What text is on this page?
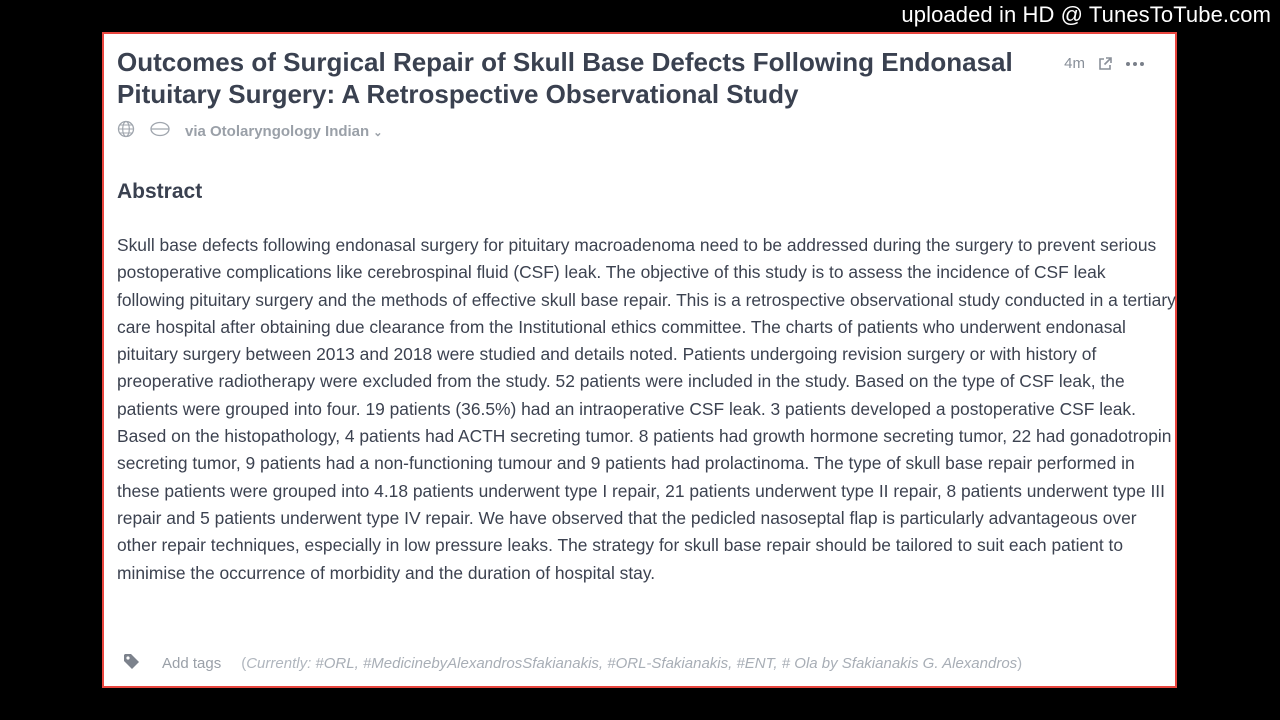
uploaded in HD @ TunesToTube.com
Outcomes of Surgical Repair of Skull Base Defects Following Endonasal Pituitary Surgery: A Retrospective Observational Study
4m
via Otolaryngology Indian ⌄
Abstract

Skull base defects following endonasal surgery for pituitary macroadenoma need to be addressed during the surgery to prevent serious postoperative complications like cerebrospinal fluid (CSF) leak. The objective of this study is to assess the incidence of CSF leak following pituitary surgery and the methods of effective skull base repair. This is a retrospective observational study conducted in a tertiary care hospital after obtaining due clearance from the Institutional ethics committee. The charts of patients who underwent endonasal pituitary surgery between 2013 and 2018 were studied and details noted. Patients undergoing revision surgery or with history of preoperative radiotherapy were excluded from the study. 52 patients were included in the study. Based on the type of CSF leak, the patients were grouped into four. 19 patients (36.5%) had an intraoperative CSF leak. 3 patients developed a postoperative CSF leak. Based on the histopathology, 4 patients had ACTH secreting tumor. 8 patients had growth hormone secreting tumor, 22 had gonadotropin secreting tumor, 9 patients had a non-functioning tumour and 9 patients had prolactinoma. The type of skull base repair performed in these patients were grouped into 4.18 patients underwent type I repair, 21 patients underwent type II repair, 8 patients underwent type III repair and 5 patients underwent type IV repair. We have observed that the pedicled nasoseptal flap is particularly advantageous over other repair techniques, especially in low pressure leaks. The strategy for skull base repair should be tailored to suit each patient to minimise the occurrence of morbidity and the duration of hospital stay.

Add tags (Currently: #ORL, #MedicinebyAlexandrosSfakianakis, #ORL-Sfakianakis, #ENT, # Ola by Sfakianakis G. Alexandros)
